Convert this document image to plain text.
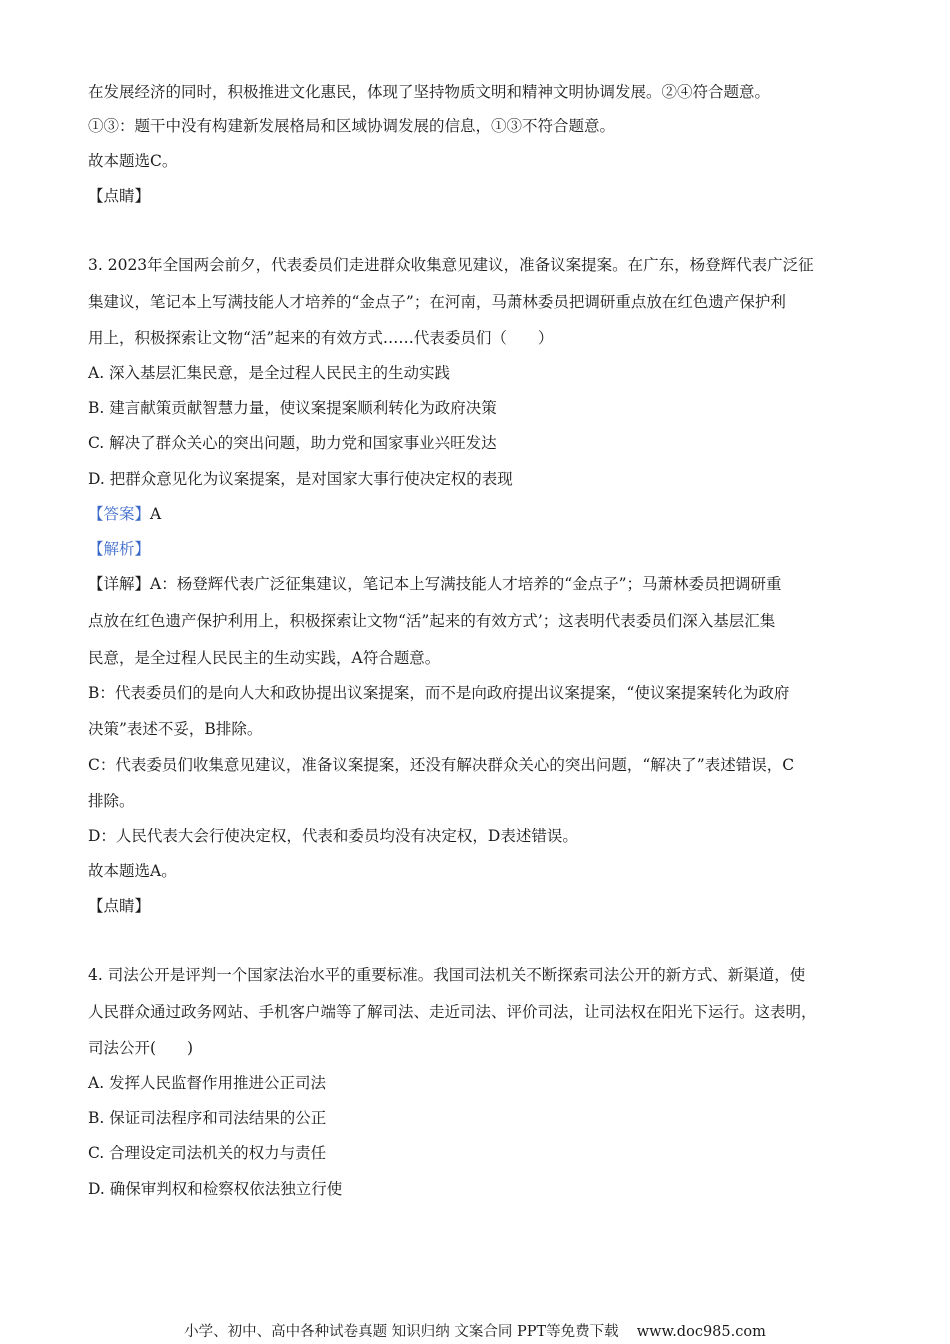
在发展经济的同时，积极推进文化惠民，体现了坚持物质文明和精神文明协调发展。②④符合题意。
①③：题干中没有构建新发展格局和区域协调发展的信息，①③不符合题意。
故本题选C。
【点睛】
3. 2023年全国两会前夕，代表委员们走进群众收集意见建议，准备议案提案。在广东，杨登辉代表广泛征
集建议，笔记本上写满技能人才培养的“金点子”；在河南，马萧林委员把调研重点放在红色遗产保护利
用上，积极探索让文物“活”起来的有效方式……代表委员们（　　）
A. 深入基层汇集民意，是全过程人民民主的生动实践
B. 建言献策贡献智慧力量，使议案提案顺利转化为政府决策
C. 解决了群众关心的突出问题，助力党和国家事业兴旺发达
D. 把群众意见化为议案提案，是对国家大事行使决定权的表现
【答案】A
【解析】
【详解】A：杨登辉代表广泛征集建议，笔记本上写满技能人才培养的“金点子”；马萧林委员把调研重
点放在红色遗产保护利用上，积极探索让文物“活”起来的有效方式’；这表明代表委员们深入基层汇集
民意，是全过程人民民主的生动实践，A符合题意。
B：代表委员们的是向人大和政协提出议案提案，而不是向政府提出议案提案，“使议案提案转化为政府
决策”表述不妥，B排除。
C：代表委员们收集意见建议，准备议案提案，还没有解决群众关心的突出问题，“解决了”表述错误，C
排除。
D：人民代表大会行使决定权，代表和委员均没有决定权，D表述错误。
故本题选A。
【点睛】
4. 司法公开是评判一个国家法治水平的重要标准。我国司法机关不断探索司法公开的新方式、新渠道，使
人民群众通过政务网站、手机客户端等了解司法、走近司法、评价司法，让司法权在阳光下运行。这表明，
司法公开(　　)
A. 发挥人民监督作用推进公正司法
B. 保证司法程序和司法结果的公正
C. 合理设定司法机关的权力与责任
D. 确保审判权和检察权依法独立行使
小学、初中、高中各种试卷真题 知识归纳 文案合同 PPT等免费下载 www.doc985.com
